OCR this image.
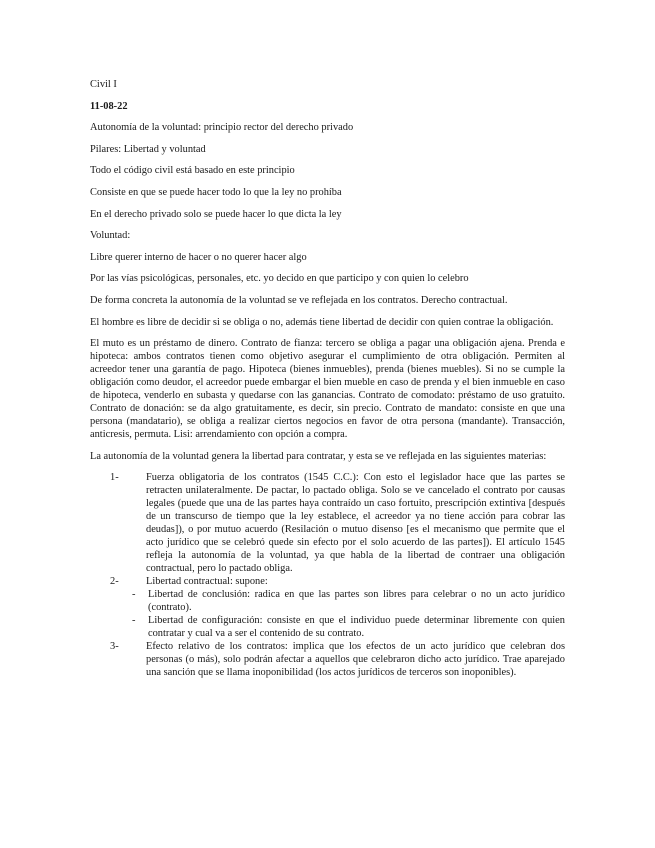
Civil I

11-08-22

Autonomía de la voluntad: principio rector del derecho privado

Pilares: Libertad y voluntad

Todo el código civil está basado en este principio

Consiste en que se puede hacer todo lo que la ley no prohíba

En el derecho privado solo se puede hacer lo que dicta la ley

Voluntad:

Libre querer interno de hacer o no querer hacer algo

Por las vías psicológicas, personales, etc. yo decido en que participo y con quien lo celebro

De forma concreta la autonomía de la voluntad se ve reflejada en los contratos. Derecho contractual.

El hombre es libre de decidir si se obliga o no, además tiene libertad de decidir con quien contrae la obligación.

El muto es un préstamo de dinero. Contrato de fianza: tercero se obliga a pagar una obligación ajena. Prenda e hipoteca: ambos contratos tienen como objetivo asegurar el cumplimiento de otra obligación. Permiten al acreedor tener una garantía de pago. Hipoteca (bienes inmuebles), prenda (bienes muebles). Si no se cumple la obligación como deudor, el acreedor puede embargar el bien mueble en caso de prenda y el bien inmueble en caso de hipoteca, venderlo en subasta y quedarse con las ganancias. Contrato de comodato: préstamo de uso gratuito. Contrato de donación: se da algo gratuitamente, es decir, sin precio. Contrato de mandato: consiste en que una persona (mandatario), se obliga a realizar ciertos negocios en favor de otra persona (mandante). Transacción, anticresis, permuta. Lisi: arrendamiento con opción a compra.

La autonomía de la voluntad genera la libertad para contratar, y esta se ve reflejada en las siguientes materias:

1-	Fuerza obligatoria de los contratos (1545 C.C.): Con esto el legislador hace que las partes se retracten unilateralmente. De pactar, lo pactado obliga. Solo se ve cancelado el contrato por causas legales (puede que una de las partes haya contraído un caso fortuito, prescripción extintiva [después de un transcurso de tiempo que la ley establece, el acreedor ya no tiene acción para cobrar las deudas]), o por mutuo acuerdo (Resilación o mutuo disenso [es el mecanismo que permite que el acto jurídico que se celebró quede sin efecto por el solo acuerdo de las partes]). El artículo 1545 refleja la autonomía de la voluntad, ya que habla de la libertad de contraer una obligación contractual, pero lo pactado obliga.
2-	Libertad contractual: supone:
- Libertad de conclusión: radica en que las partes son libres para celebrar o no un acto jurídico (contrato).
- Libertad de configuración: consiste en que el individuo puede determinar libremente con quien contratar y cual va a ser el contenido de su contrato.
3-	Efecto relativo de los contratos: implica que los efectos de un acto jurídico que celebran dos personas (o más), solo podrán afectar a aquellos que celebraron dicho acto jurídico. Trae aparejado una sanción que se llama inoponibilidad (los actos jurídicos de terceros son inoponibles).
